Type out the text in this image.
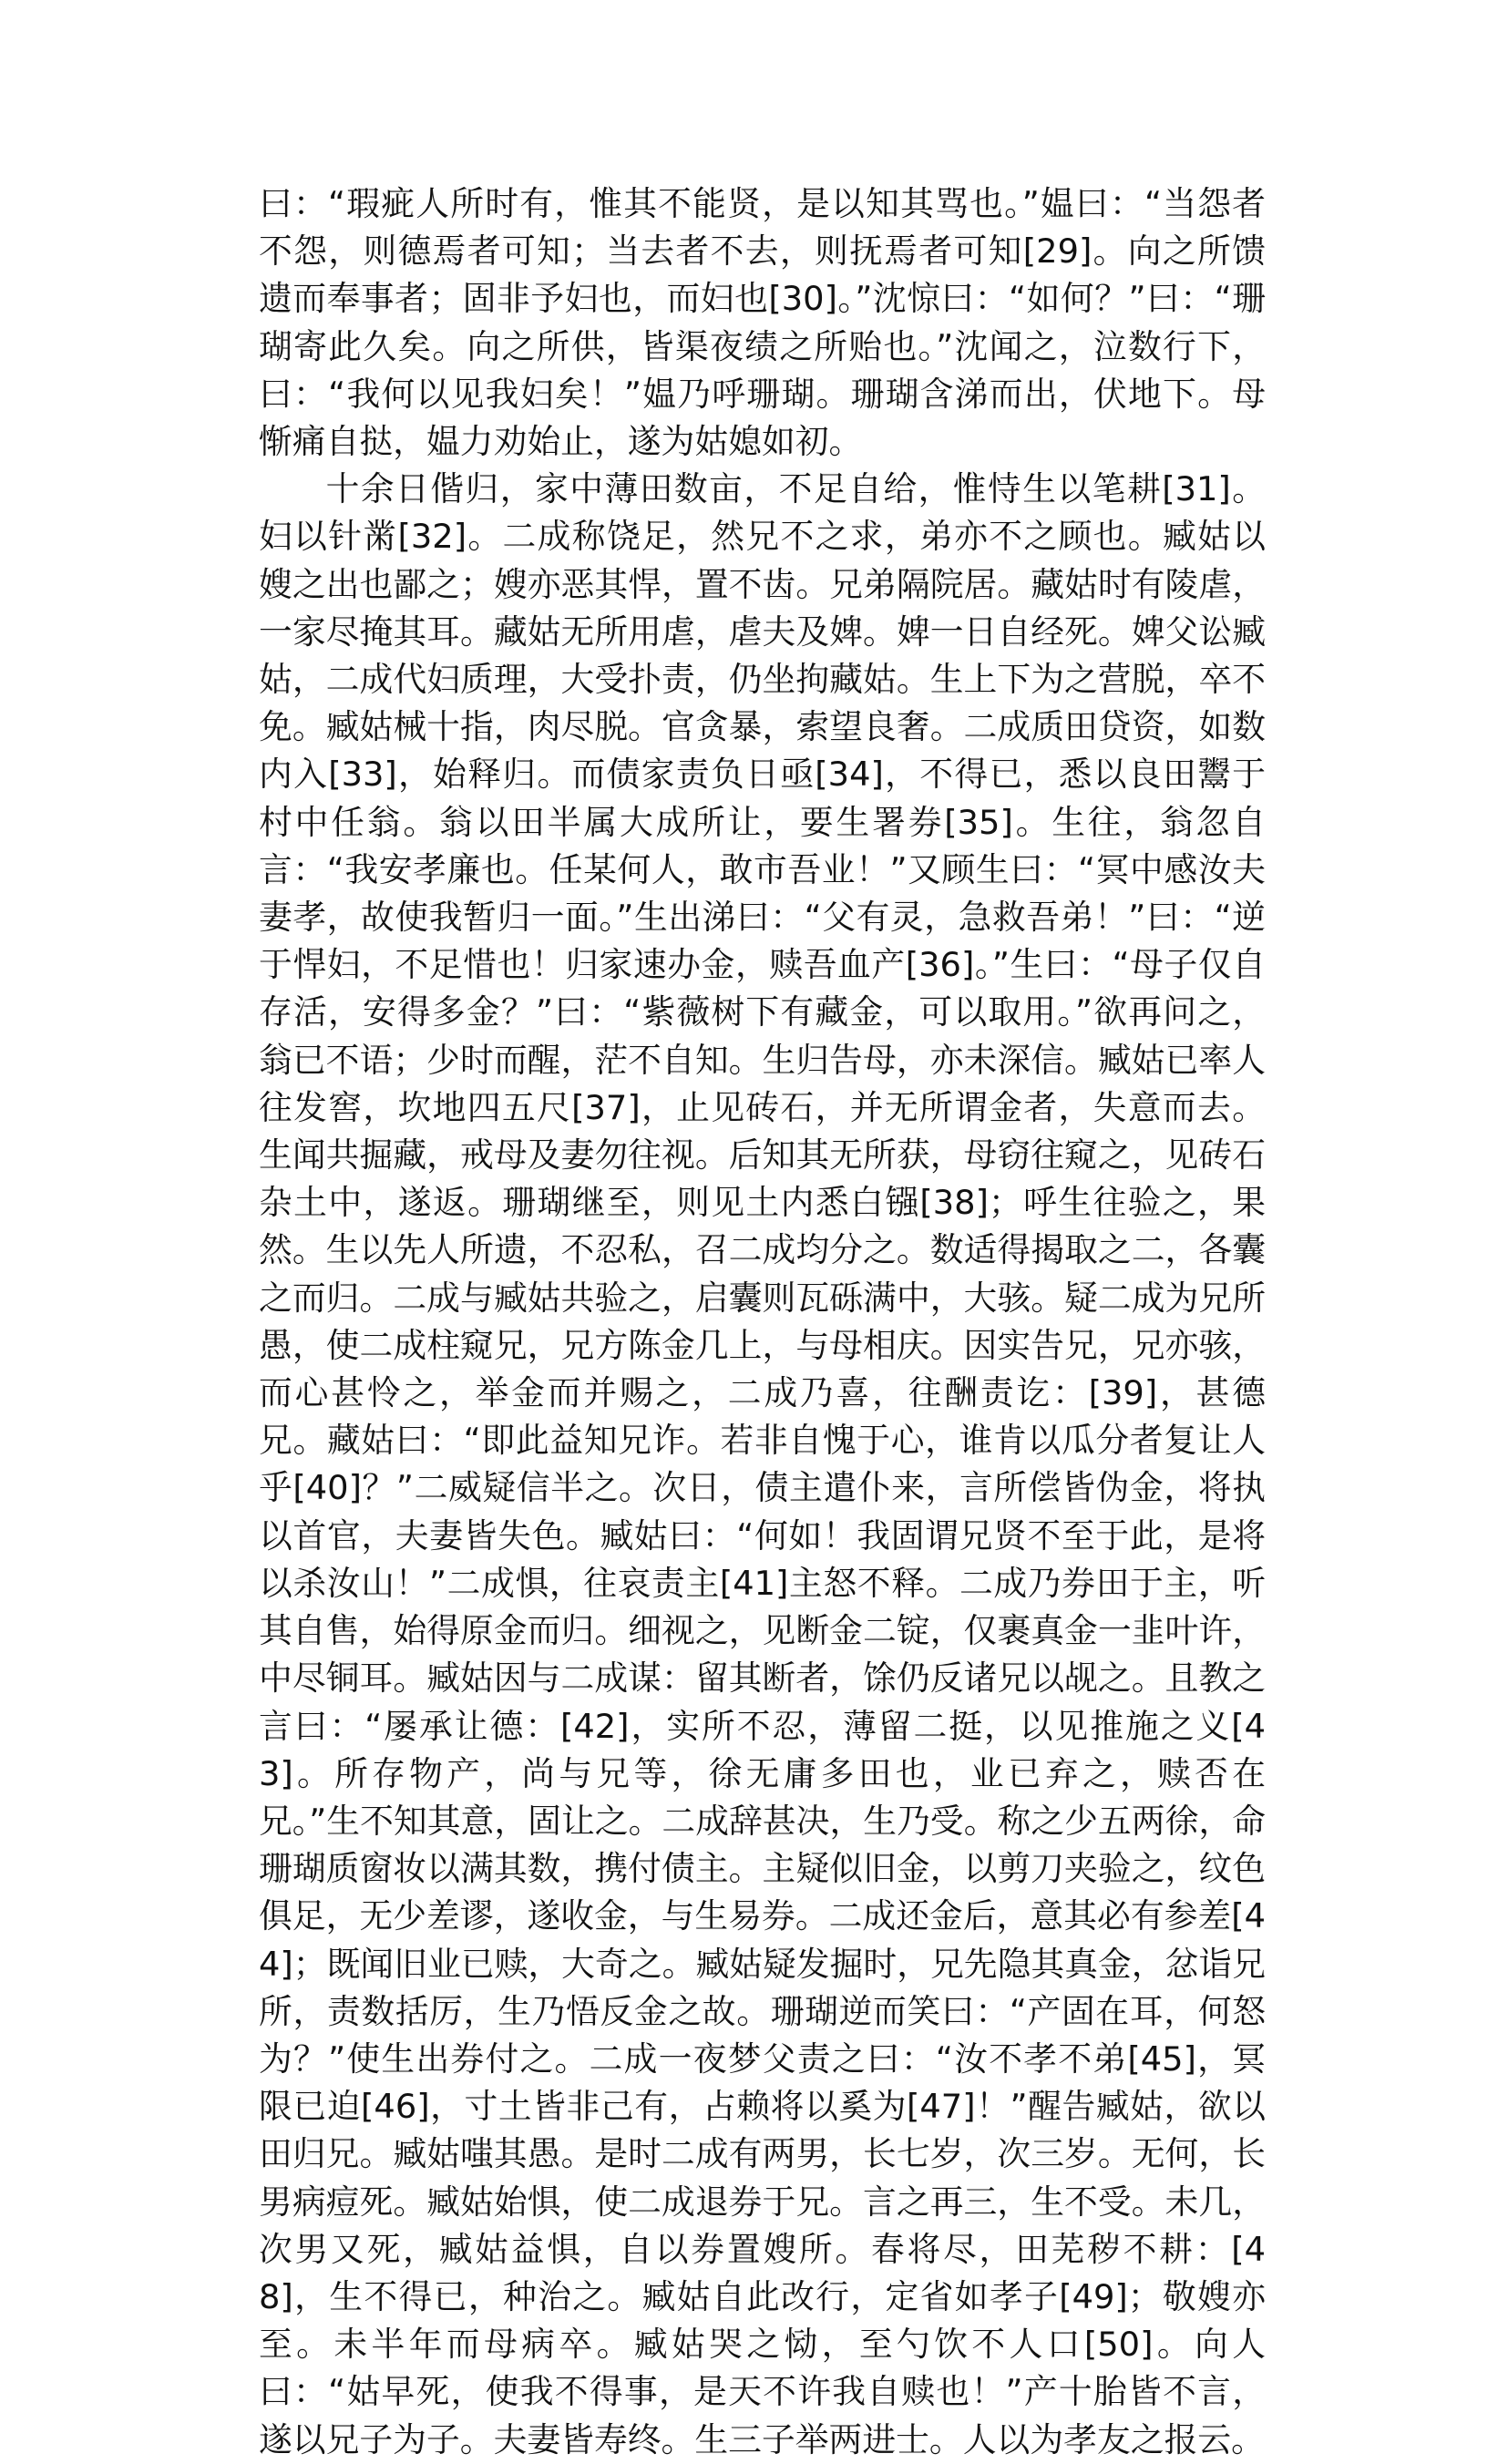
曰：“瑕疵人所时有，惟其不能贤，是以知其骂也。”媪曰：“当怨者不怨，则德焉者可知；当去者不去，则抚焉者可知[29]。向之所馈遗而奉事者；固非予妇也，而妇也[30]。”沈惊曰：“如何？”曰：“珊瑚寄此久矣。向之所供，皆渠夜绩之所贻也。”沈闻之，泣数行下，曰：“我何以见我妇矣！”媪乃呼珊瑚。珊瑚含涕而出，伏地下。母惭痛自挞，媪力劝始止，遂为姑媳如初。

十余日偕归，家中薄田数亩，不足自给，惟恃生以笔耕[31]。妇以针黹[32]。二成称饶足，然兄不之求，弟亦不之顾也。臧姑以嫂之出也鄙之；嫂亦恶其悍，置不齿。兄弟隔院居。藏姑时有陵虐，一家尽掩其耳。藏姑无所用虐，虐夫及婢。婢一日自经死。婢父讼臧姑，二成代妇质理，大受扑责，仍坐拘藏姑。生上下为之营脱，卒不免。臧姑械十指，肉尽脱。官贪暴，索望良奢。二成质田贷资，如数内入[33]，始释归。而债家责负日亟[34]，不得已，悉以良田鬻于村中任翁。翁以田半属大成所让，要生署券[35]。生往，翁忽自言：“我安孝廉也。任某何人，敢市吾业！”又顾生曰：“冥中感汝夫妻孝，故使我暂归一面。”生出涕曰：“父有灵，急救吾弟！”曰：“逆于悍妇，不足惜也！归家速办金，赎吾血产[36]。”生曰：“母子仅自存活，安得多金？”曰：“紫薇树下有藏金，可以取用。”欲再问之，翁已不语；少时而醒，茫不自知。生归告母，亦未深信。臧姑已率人往发窖，坎地四五尺[37]，止见砖石，并无所谓金者，失意而去。生闻共掘藏，戒母及妻勿往视。后知其无所获，母窃往窥之，见砖石杂土中，遂返。珊瑚继至，则见土内悉白镪[38]；呼生往验之，果然。生以先人所遗，不忍私，召二成均分之。数适得揭取之二，各囊之而归。二成与臧姑共验之，启囊则瓦砾满中，大骇。疑二成为兄所愚，使二成柱窥兄，兄方陈金几上，与母相庆。因实告兄，兄亦骇，而心甚怜之，举金而并赐之，二成乃喜，往酬责讫：[39]，甚德兄。藏姑曰：“即此益知兄诈。若非自愧于心，谁肯以瓜分者复让人乎[40]？”二威疑信半之。次日，债主遣仆来，言所偿皆伪金，将执以首官，夫妻皆失色。臧姑曰：“何如！我固谓兄贤不至于此，是将以杀汝山！”二成惧，往哀责主[41]主怒不释。二成乃券田于主，听其自售，始得原金而归。细视之，见断金二锭，仅裹真金一韭叶许，中尽铜耳。臧姑因与二成谋：留其断者，馀仍反诸兄以觇之。且教之言曰：“屡承让德：[42]，实所不忍，薄留二挺，以见推施之义[43]。所存物产，尚与兄等，徐无庸多田也，业已弃之，赎否在兄。”生不知其意，固让之。二成辞甚决，生乃受。称之少五两徐，命珊瑚质窗妆以满其数，携付债主。主疑似旧金，以剪刀夹验之，纹色俱足，无少差谬，遂收金，与生易券。二成还金后，意其必有参差[44]；既闻旧业已赎，大奇之。臧姑疑发掘时，兄先隐其真金，忿诣兄所，责数括厉，生乃悟反金之故。珊瑚逆而笑曰：“产固在耳，何怒为？”使生出券付之。二成一夜梦父责之曰：“汝不孝不弟[45]，冥限已迫[46]，寸土皆非己有，占赖将以奚为[47]！”醒告臧姑，欲以田归兄。臧姑嗤其愚。是时二成有两男，长七岁，次三岁。无何，长男病痘死。臧姑始惧，使二成退券于兄。言之再三，生不受。未几，次男又死，臧姑益惧，自以券置嫂所。春将尽，田芜秽不耕：[48]，生不得已，种治之。臧姑自此改行，定省如孝子[49]；敬嫂亦至。未半年而母病卒。臧姑哭之恸，至勺饮不人口[50]。向人曰：“姑早死，使我不得事，是天不许我自赎也！”产十胎皆不言，遂以兄子为子。夫妻皆寿终。生三子举两进士。人以为孝友之报云。
